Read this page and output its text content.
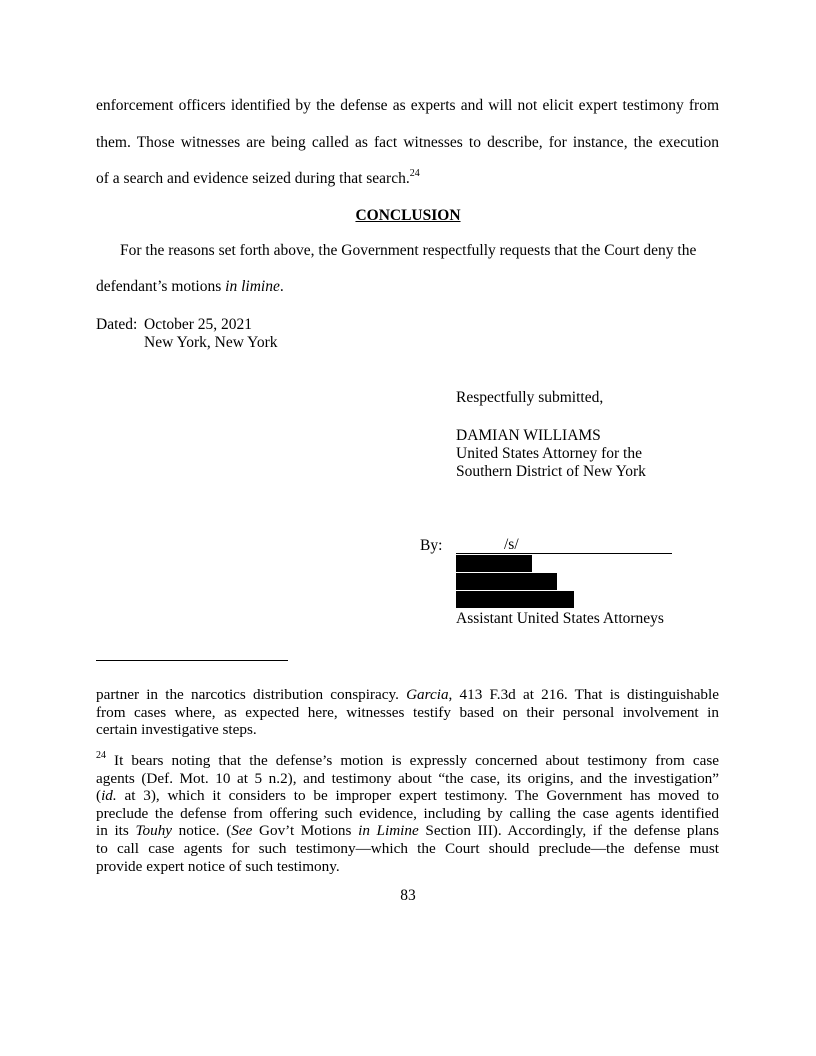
enforcement officers identified by the defense as experts and will not elicit expert testimony from
them. Those witnesses are being called as fact witnesses to describe, for instance, the execution
of a search and evidence seized during that search.$^{24}$
CONCLUSION
For the reasons set forth above, the Government respectfully requests that the Court deny the
defendant’s motions in limine.
Dated: October 25, 2021
New York, New York
Respectfully submitted,
DAMIAN WILLIAMS
United States Attorney for the
Southern District of New York
By:	/s/
Assistant United States Attorneys
partner in the narcotics distribution conspiracy. Garcia, 413 F.3d at 216. That is distinguishable
from cases where, as expected here, witnesses testify based on their personal involvement in
certain investigative steps.
$^{24}$ It bears noting that the defense’s motion is expressly concerned about testimony from case
agents (Def. Mot. 10 at 5 n.2), and testimony about “the case, its origins, and the investigation”
(id. at 3), which it considers to be improper expert testimony. The Government has moved to
preclude the defense from offering such evidence, including by calling the case agents identified
in its Touhy notice. (See Gov’t Motions in Limine Section III). Accordingly, if the defense plans
to call case agents for such testimony—which the Court should preclude—the defense must
provide expert notice of such testimony.
83
